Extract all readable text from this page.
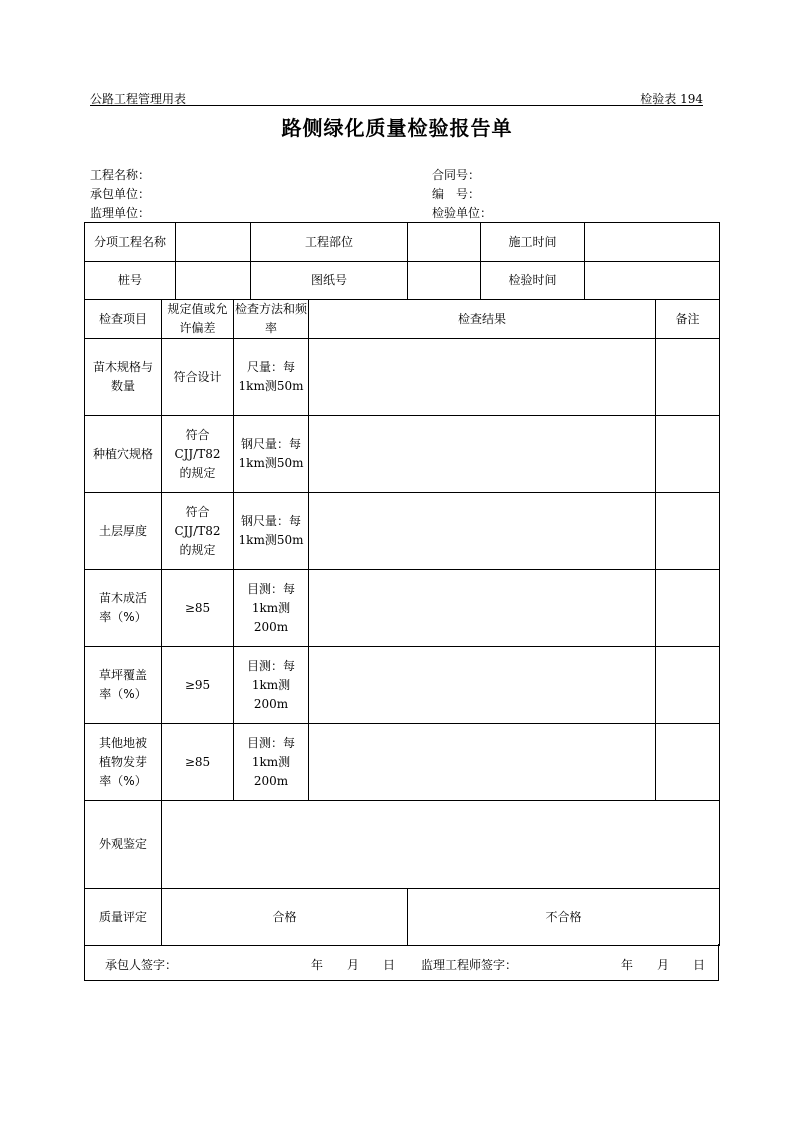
公路工程管理用表	检验表 194
路侧绿化质量检验报告单
工程名称：
承包单位：
监理单位：
合同号：
编　号：
检验单位：
分项工程名称				工程部位			施工时间		
桩号				图纸号			检验时间		
检查项目	规定值或允许偏差		检查方法和频率		检查结果				备注
苗木规格与数量	符合设计		尺量：每1km测50m						
种植穴规格	符合CJJ/T82的规定		钢尺量：每1km测50m						
土层厚度	符合CJJ/T82的规定		钢尺量：每1km测50m						
苗木成活率（%）	≥85		目测：每1km测200m						
草坪覆盖率（%）	≥95		目测：每1km测200m						
其他地被植物发芽率（%）	≥85		目测：每1km测200m						
外观鉴定									
质量评定	合格					不合格			
承包人签字：	年　　月　　日 监理工程师签字：	年　　月　　日
